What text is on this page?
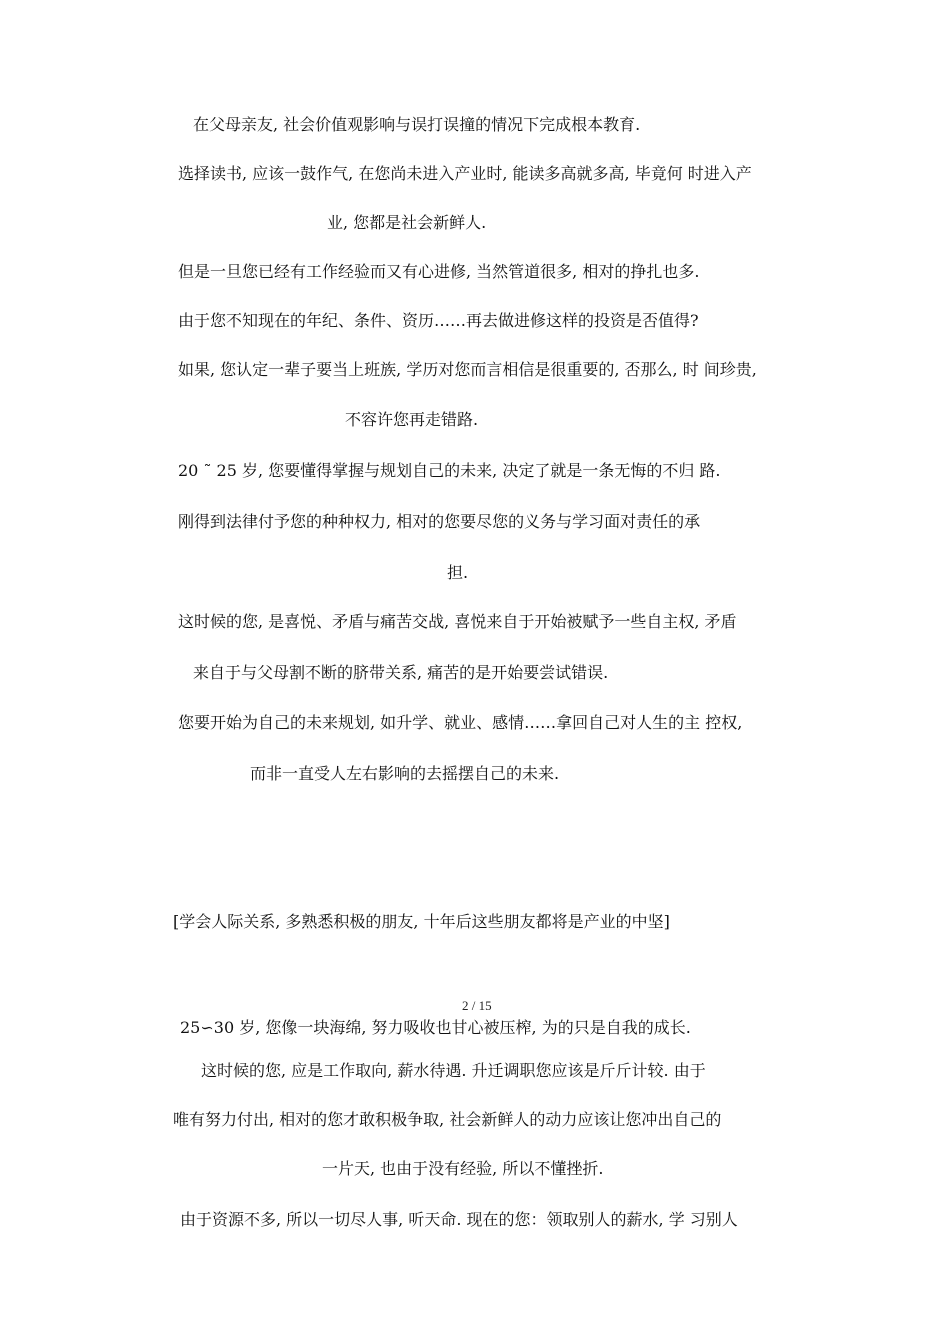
在父母亲友, 社会价值观影响与误打误撞的情况下完成根本教育.

选择读书, 应该一鼓作气, 在您尚未进入产业时, 能读多高就多高, 毕竟何 时进入产

业, 您都是社会新鲜人.

但是一旦您已经有工作经验而又有心进修, 当然管道很多, 相对的挣扎也多.

由于您不知现在的年纪、条件、资历……再去做进修这样的投资是否值得?

如果, 您认定一辈子要当上班族, 学历对您而言相信是很重要的, 否那么, 时 间珍贵,

不容许您再走错路.

20 ˜ 25 岁, 您要懂得掌握与规划自己的未来, 决定了就是一条无悔的不归 路.

刚得到法律付予您的种种权力, 相对的您要尽您的义务与学习面对责任的承

担.

这时候的您, 是喜悦、矛盾与痛苦交战, 喜悦来自于开始被赋予一些自主权, 矛盾

来自于与父母割不断的脐带关系, 痛苦的是开始要尝试错误.

您要开始为自己的未来规划, 如升学、就业、感情……拿回自己对人生的主 控权,

而非一直受人左右影响的去摇摆自己的未来.

[学会人际关系, 多熟悉积极的朋友, 十年后这些朋友都将是产业的中坚]

2 / 15

25∽30 岁, 您像一块海绵, 努力吸收也甘心被压榨, 为的只是自我的成长.

这时候的您, 应是工作取向, 薪水待遇. 升迁调职您应该是斤斤计较. 由于

唯有努力付出, 相对的您才敢积极争取, 社会新鲜人的动力应该让您冲出自己的

一片天, 也由于没有经验, 所以不懂挫折.

由于资源不多, 所以一切尽人事, 听天命. 现在的您：领取别人的薪水, 学 习别人
